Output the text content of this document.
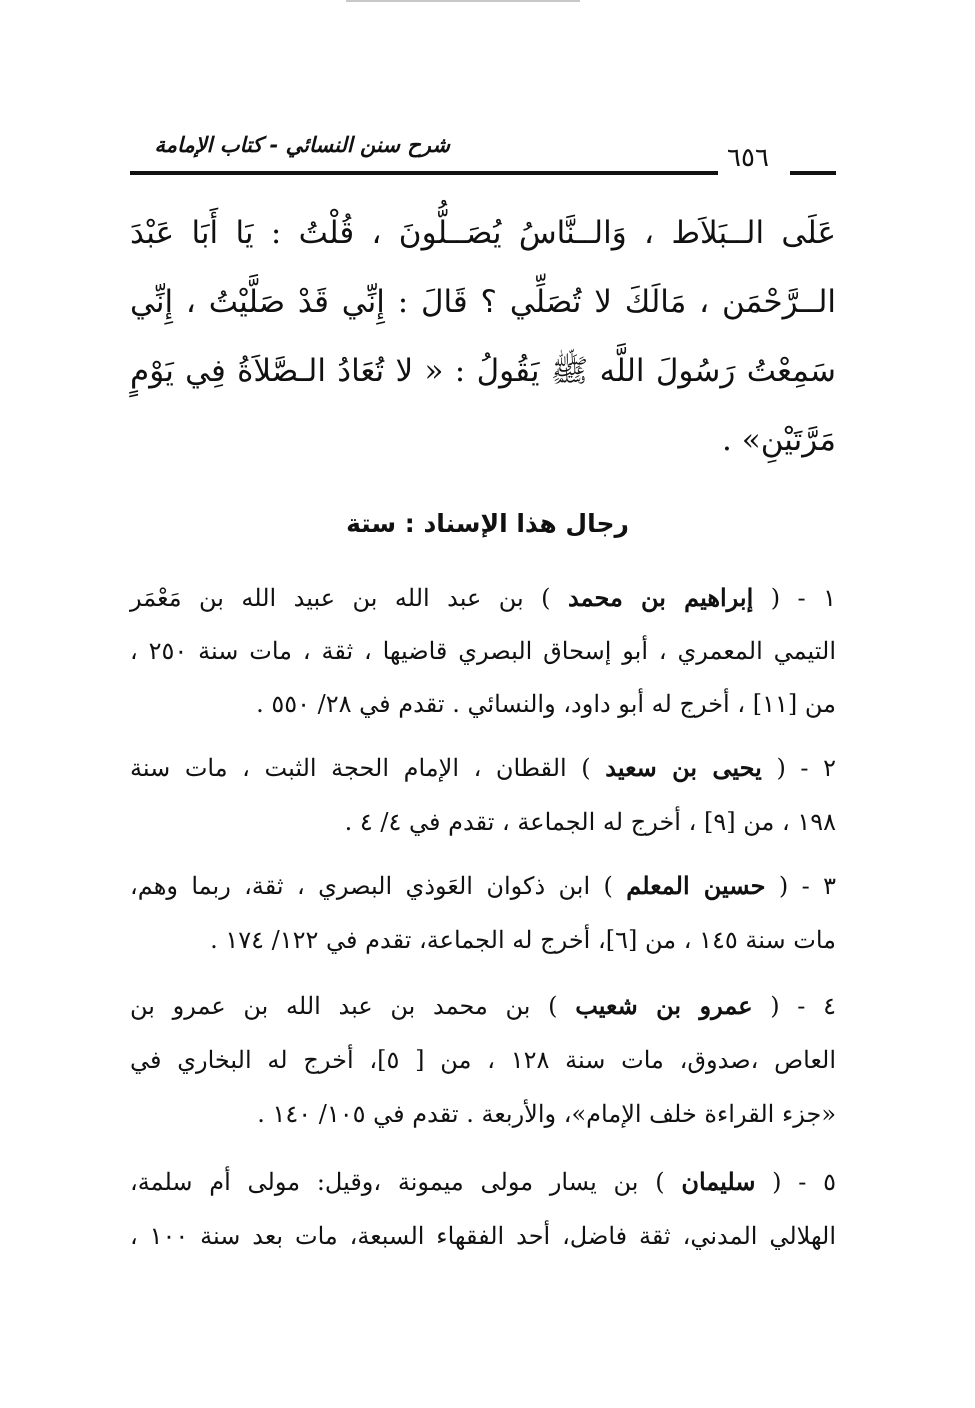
شرح سنن النسائي - كتاب الإمامة	٦٥٦
عَلَى الــبَلاَط ، وَالــنَّاسُ يُصَــلُّونَ ، قُلْتُ : يَا أَبَا عَبْدَ
الــرَّحْمَن ، مَالَكَ لا تُصَلِّي ؟ قَالَ : إِنِّي قَدْ صَلَّيْتُ ، إِنِّي
سَمِعْتُ رَسُولَ اللَّه ﷺ يَقُولُ : « لا تُعَادُ الـصَّلاَةُ فِي يَوْمٍ
مَرَّتَيْنِ» .
رجال هذا الإسناد : ستة
١ - ( إبراهيم بن محمد ) بن عبد الله بن عبيد الله بن مَعْمَر
التيمي المعمري ، أبو إسحاق البصري قاضيها ، ثقة ، مات سنة ٢٥٠ ،
من [١١] ، أخرج له أبو داود، والنسائي . تقدم في ٢٨/ ٥٥٠ .
٢ - ( يحيى بن سعيد ) القطان ، الإمام الحجة الثبت ، مات سنة
١٩٨ ، من [٩] ، أخرج له الجماعة ، تقدم في ٤/ ٤ .
٣ - ( حسين المعلم ) ابن ذكوان العَوذي البصري ، ثقة، ربما وهم،
مات سنة ١٤٥ ، من [٦]، أخرج له الجماعة، تقدم في ١٢٢/ ١٧٤ .
٤ - ( عمرو بن شعيب ) بن محمد بن عبد الله بن عمرو بن
العاص ،صدوق، مات سنة ١٢٨ ، من [ ٥]، أخرج له البخاري في
«جزء القراءة خلف الإمام»، والأربعة . تقدم في ١٠٥/ ١٤٠ .
٥ - ( سليمان ) بن يسار مولى ميمونة ،وقيل: مولى أم سلمة،
الهلالي المدني، ثقة فاضل، أحد الفقهاء السبعة، مات بعد سنة ١٠٠ ،
